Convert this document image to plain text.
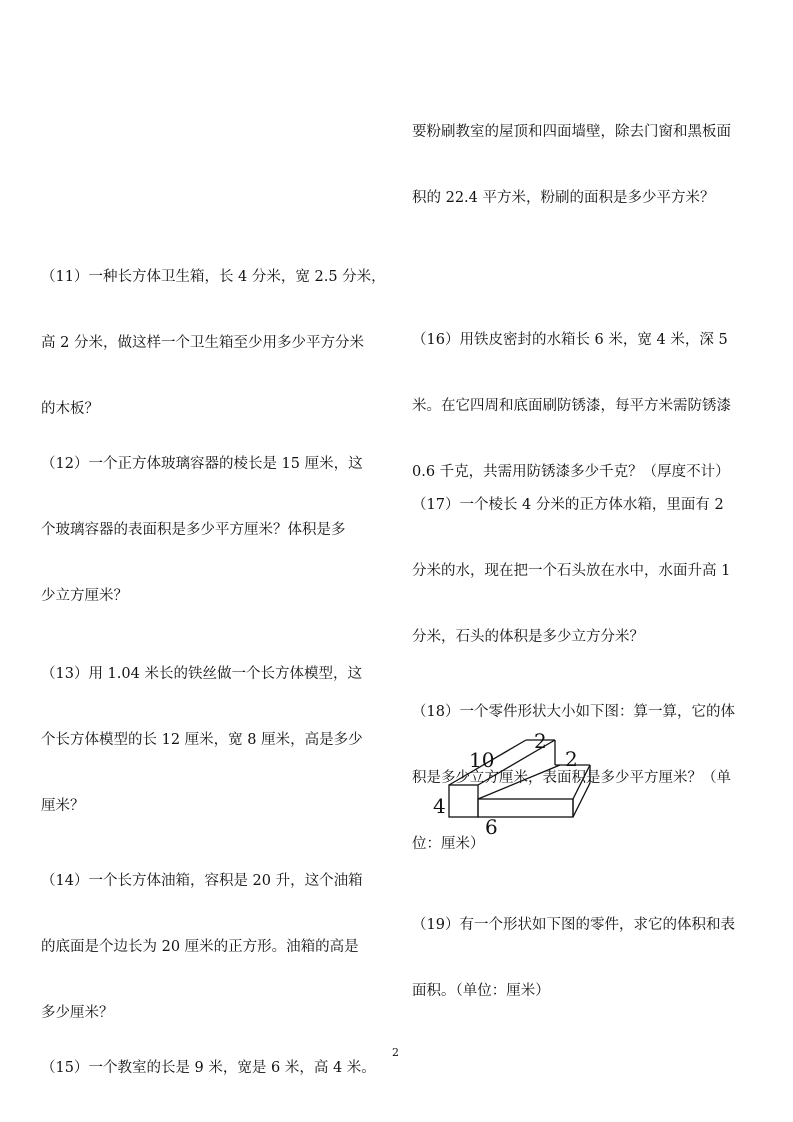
（11）一种长方体卫生箱，长 4 分米，宽 2.5 分米，

高 2 分米，做这样一个卫生箱至少用多少平方分米

的木板？

（12）一个正方体玻璃容器的棱长是 15 厘米，这

个玻璃容器的表面积是多少平方厘米？体积是多

少立方厘米？

（13）用 1.04 米长的铁丝做一个长方体模型，这

个长方体模型的长 12 厘米，宽 8 厘米，高是多少

厘米？

（14）一个长方体油箱，容积是 20 升，这个油箱

的底面是个边长为 20 厘米的正方形。油箱的高是

多少厘米？

（15）一个教室的长是 9 米，宽是 6 米，高 4 米。

要粉刷教室的屋顶和四面墙壁，除去门窗和黑板面

积的 22.4 平方米，粉刷的面积是多少平方米？

（16）用铁皮密封的水箱长 6 米，宽 4 米，深 5

米。在它四周和底面刷防锈漆，每平方米需防锈漆

0.6 千克，共需用防锈漆多少千克？（厚度不计）

（17）一个棱长 4 分米的正方体水箱，里面有 2

分米的水，现在把一个石头放在水中，水面升高 1

分米，石头的体积是多少立方分米？

（18）一个零件形状大小如下图：算一算，它的体

积是多少立方厘米，表面积是多少平方厘米？（单

位：厘米）

2
10	2
4
6

（19）有一个形状如下图的零件，求它的体积和表

面积。（单位：厘米）

2
